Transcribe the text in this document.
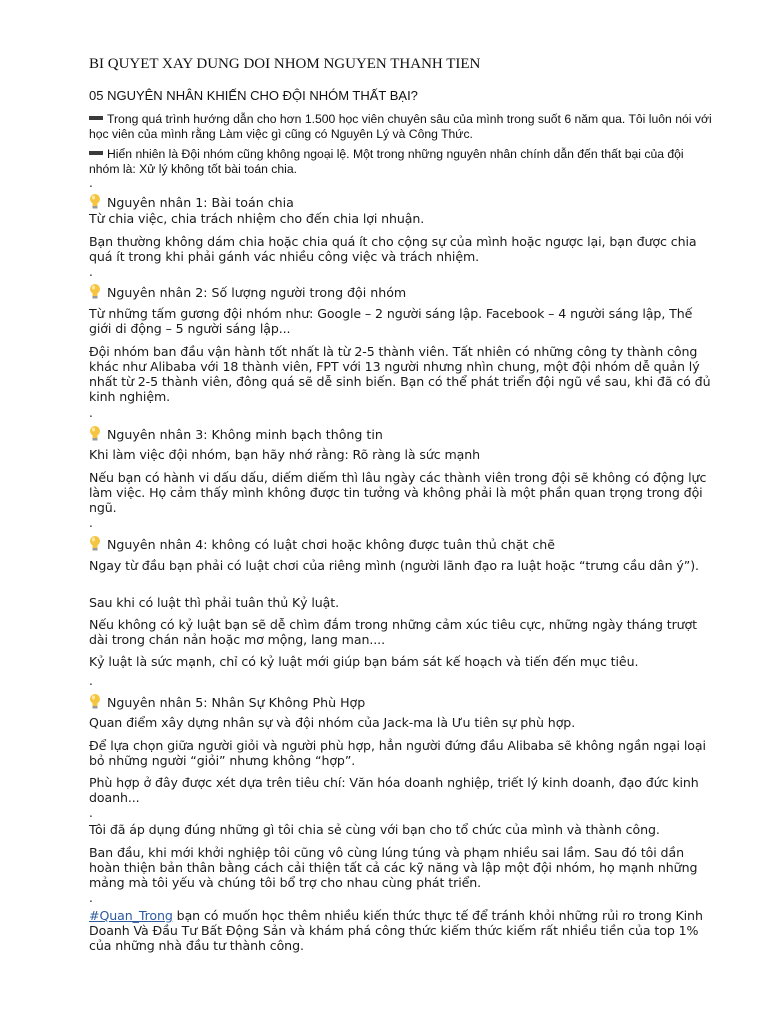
BI QUYET XAY DUNG DOI NHOM NGUYEN THANH TIEN
05 NGUYÊN NHÂN KHIẾN CHO ĐỘI NHÓM THẤT BẠI?
Trong quá trình hướng dẫn cho hơn 1.500 học viên chuyên sâu của mình trong suốt 6 năm qua. Tôi luôn nói với học viên của mình rằng Làm việc gì cũng có Nguyên Lý và Công Thức.
Hiển nhiên là Đội nhóm cũng không ngoại lệ. Một trong những nguyên nhân chính dẫn đến thất bại của đội nhóm là: Xử lý không tốt bài toán chia.
.
Nguyên nhân 1: Bài toán chia
Từ chia việc, chia trách nhiệm cho đến chia lợi nhuận.
Bạn thường không dám chia hoặc chia quá ít cho cộng sự của mình hoặc ngược lại, bạn được chia quá ít trong khi phải gánh vác nhiều công việc và trách nhiệm.
.
Nguyên nhân 2: Số lượng người trong đội nhóm
Từ những tấm gương đội nhóm như: Google – 2 người sáng lập. Facebook – 4 người sáng lập, Thế giới di động – 5 người sáng lập...
Đội nhóm ban đầu vận hành tốt nhất là từ 2-5 thành viên. Tất nhiên có những công ty thành công khác như Alibaba với 18 thành viên, FPT với 13 người nhưng nhìn chung, một đội nhóm dễ quản lý nhất từ 2-5 thành viên, đông quá sẽ dễ sinh biến. Bạn có thể phát triển đội ngũ về sau, khi đã có đủ kinh nghiệm.
.
Nguyên nhân 3: Không minh bạch thông tin
Khi làm việc đội nhóm, bạn hãy nhớ rằng: Rõ ràng là sức mạnh
Nếu bạn có hành vi dấu dấu, diếm diếm thì lâu ngày các thành viên trong đội sẽ không có động lực làm việc. Họ cảm thấy mình không được tin tưởng và không phải là một phần quan trọng trong đội ngũ.
.
Nguyên nhân 4: không có luật chơi hoặc không được tuân thủ chặt chẽ
Ngay từ đầu bạn phải có luật chơi của riêng mình (người lãnh đạo ra luật hoặc “trưng cầu dân ý”).
Sau khi có luật thì phải tuân thủ Kỷ luật.
Nếu không có kỷ luật bạn sẽ dễ chìm đắm trong những cảm xúc tiêu cực, những ngày tháng trượt dài trong chán nản hoặc mơ mộng, lang man....
Kỷ luật là sức mạnh, chỉ có kỷ luật mới giúp bạn bám sát kế hoạch và tiến đến mục tiêu.
.
Nguyên nhân 5: Nhân Sự Không Phù Hợp
Quan điểm xây dựng nhân sự và đội nhóm của Jack-ma là Ưu tiên sự phù hợp.
Để lựa chọn giữa người giỏi và người phù hợp, hẳn người đứng đầu Alibaba sẽ không ngần ngại loại bỏ những người “giỏi” nhưng không “hợp”.
Phù hợp ở đây được xét dựa trên tiêu chí: Văn hóa doanh nghiệp, triết lý kinh doanh, đạo đức kinh doanh...
.
Tôi đã áp dụng đúng những gì tôi chia sẻ cùng với bạn cho tổ chức của mình và thành công.
Ban đầu, khi mới khởi nghiệp tôi cũng vô cùng lúng túng và phạm nhiều sai lầm. Sau đó tôi dần hoàn thiện bản thân bằng cách cải thiện tất cả các kỹ năng và lập một đội nhóm, họ mạnh những mảng mà tôi yếu và chúng tôi bổ trợ cho nhau cùng phát triển.
.
#Quan_Trong bạn có muốn học thêm nhiều kiến thức thực tế để tránh khỏi những rủi ro trong Kinh Doanh Và Đầu Tư Bất Động Sản và khám phá công thức kiếm thức kiếm rất nhiều tiền của top 1% của những nhà đầu tư thành công.
